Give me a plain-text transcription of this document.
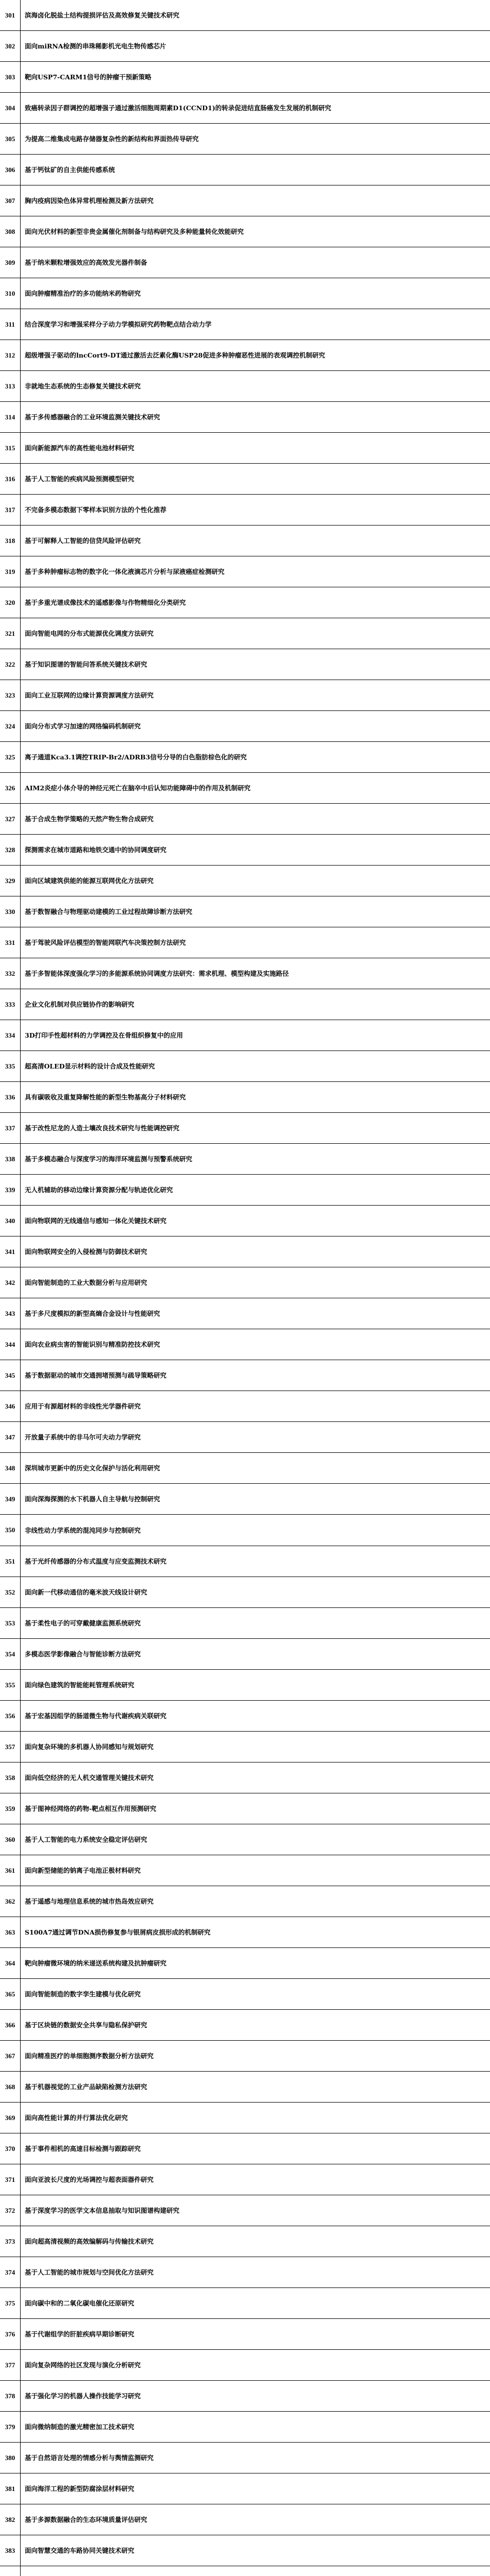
301	滨海卤化脱盐土结构提损评估及高效修复关键技术研究
302	面向miRNA检测的串珠稀影机光电生物传感芯片
303	靶向USP7-CARM1信号的肿瘤干预新策略
304	致癌转录因子群调控的超增强子通过激活细胞周期素D1(CCND1)的转录促进结直肠癌发生发展的机制研究
305	为提高二维集成电路存储器复杂性的新结构和界面热传导研究
306	基于钙钛矿的自主供能传感系统
307	胸内疫病因染色体异常机理检测及新方法研究
308	面向光伏材料的新型非贵金属催化剂制备与结构研究及多种能量转化效能研究
309	基于纳米颗粒增强效应的高效发光器件制备
310	面向肿瘤精准治疗的多功能纳米药物研究
311	结合深度学习和增强采样分子动力学模拟研究药物靶点结合动力学
312	超级增强子驱动的lncCort9-DT通过激活去泛素化酶USP28促进多种肿瘤恶性进展的表观调控机制研究
313	非就地生态系统的生态修复关键技术研究
314	基于多传感器融合的工业环境监测关键技术研究
315	面向新能源汽车的高性能电池材料研究
316	基于人工智能的疾病风险预测模型研究
317	不完备多模态数据下零样本识别方法的个性化推荐
318	基于可解释人工智能的信贷风险评估研究
319	基于多种肿瘤标志物的数字化一体化液滴芯片分析与尿液癌症检测研究
320	基于多重光谱成像技术的遥感影像与作物精细化分类研究
321	面向智能电网的分布式能源优化调度方法研究
322	基于知识图谱的智能问答系统关键技术研究
323	面向工业互联网的边缘计算资源调度方法研究
324	面向分布式学习加速的网络编码机制研究
325	离子通道Kca3.1调控TRIP-Br2/ADRB3信号分导的白色脂肪棕色化的研究
326	AIM2炎症小体介导的神经元死亡在脑卒中后认知功能障碍中的作用及机制研究
327	基于合成生物学策略的天然产物生物合成研究
328	探测需求在城市道路和地铁交通中的协同调度研究
329	面向区域建筑供能的能源互联网优化方法研究
330	基于数智融合与物理驱动建模的工业过程故障诊断方法研究
331	基于驾驶风险评估模型的智能网联汽车决策控制方法研究
332	基于多智能体深度强化学习的多能源系统协同调度方法研究：需求机理、模型构建及实施路径
333	企业文化机制对供应链协作的影响研究
334	3D打印手性超材料的力学调控及在骨组织修复中的应用
335	超高清OLED显示材料的设计合成及性能研究
336	具有碳吸收及重复降解性能的新型生物基高分子材料研究
337	基于改性尼龙的人造土壤改良技术研究与性能调控研究
338	基于多模态融合与深度学习的海洋环境监测与预警系统研究
339	无人机辅助的移动边缘计算资源分配与轨迹优化研究
340	面向物联网的无线通信与感知一体化关键技术研究
341	面向物联网安全的入侵检测与防御技术研究
342	面向智能制造的工业大数据分析与应用研究
343	基于多尺度模拟的新型高熵合金设计与性能研究
344	面向农业病虫害的智能识别与精准防控技术研究
345	基于数据驱动的城市交通拥堵预测与疏导策略研究
346	应用于有源超材料的非线性光学器件研究
347	开放量子系统中的非马尔可夫动力学研究
348	深圳城市更新中的历史文化保护与活化利用研究
349	面向深海探测的水下机器人自主导航与控制研究
350	非线性动力学系统的混沌同步与控制研究
351	基于光纤传感器的分布式温度与应变监测技术研究
352	面向新一代移动通信的毫米波天线设计研究
353	基于柔性电子的可穿戴健康监测系统研究
354	多模态医学影像融合与智能诊断方法研究
355	面向绿色建筑的智能能耗管理系统研究
356	基于宏基因组学的肠道微生物与代谢疾病关联研究
357	面向复杂环境的多机器人协同感知与规划研究
358	面向低空经济的无人机交通管理关键技术研究
359	基于图神经网络的药物-靶点相互作用预测研究
360	基于人工智能的电力系统安全稳定评估研究
361	面向新型储能的钠离子电池正极材料研究
362	基于遥感与地理信息系统的城市热岛效应研究
363	S100A7通过调节DNA损伤修复参与银屑病皮损形成的机制研究
364	靶向肿瘤微环境的纳米递送系统构建及抗肿瘤研究
365	面向智能制造的数字孪生建模与优化研究
366	基于区块链的数据安全共享与隐私保护研究
367	面向精准医疗的单细胞测序数据分析方法研究
368	基于机器视觉的工业产品缺陷检测方法研究
369	面向高性能计算的并行算法优化研究
370	基于事件相机的高速目标检测与跟踪研究
371	面向亚波长尺度的光场调控与超表面器件研究
372	基于深度学习的医学文本信息抽取与知识图谱构建研究
373	面向超高清视频的高效编解码与传输技术研究
374	基于人工智能的城市规划与空间优化方法研究
375	面向碳中和的二氧化碳电催化还原研究
376	基于代谢组学的肝脏疾病早期诊断研究
377	面向复杂网络的社区发现与演化分析研究
378	基于强化学习的机器人操作技能学习研究
379	面向微纳制造的激光精密加工技术研究
380	基于自然语言处理的情感分析与舆情监测研究
381	面向海洋工程的新型防腐涂层材料研究
382	基于多源数据融合的生态环境质量评估研究
383	面向智慧交通的车路协同关键技术研究
